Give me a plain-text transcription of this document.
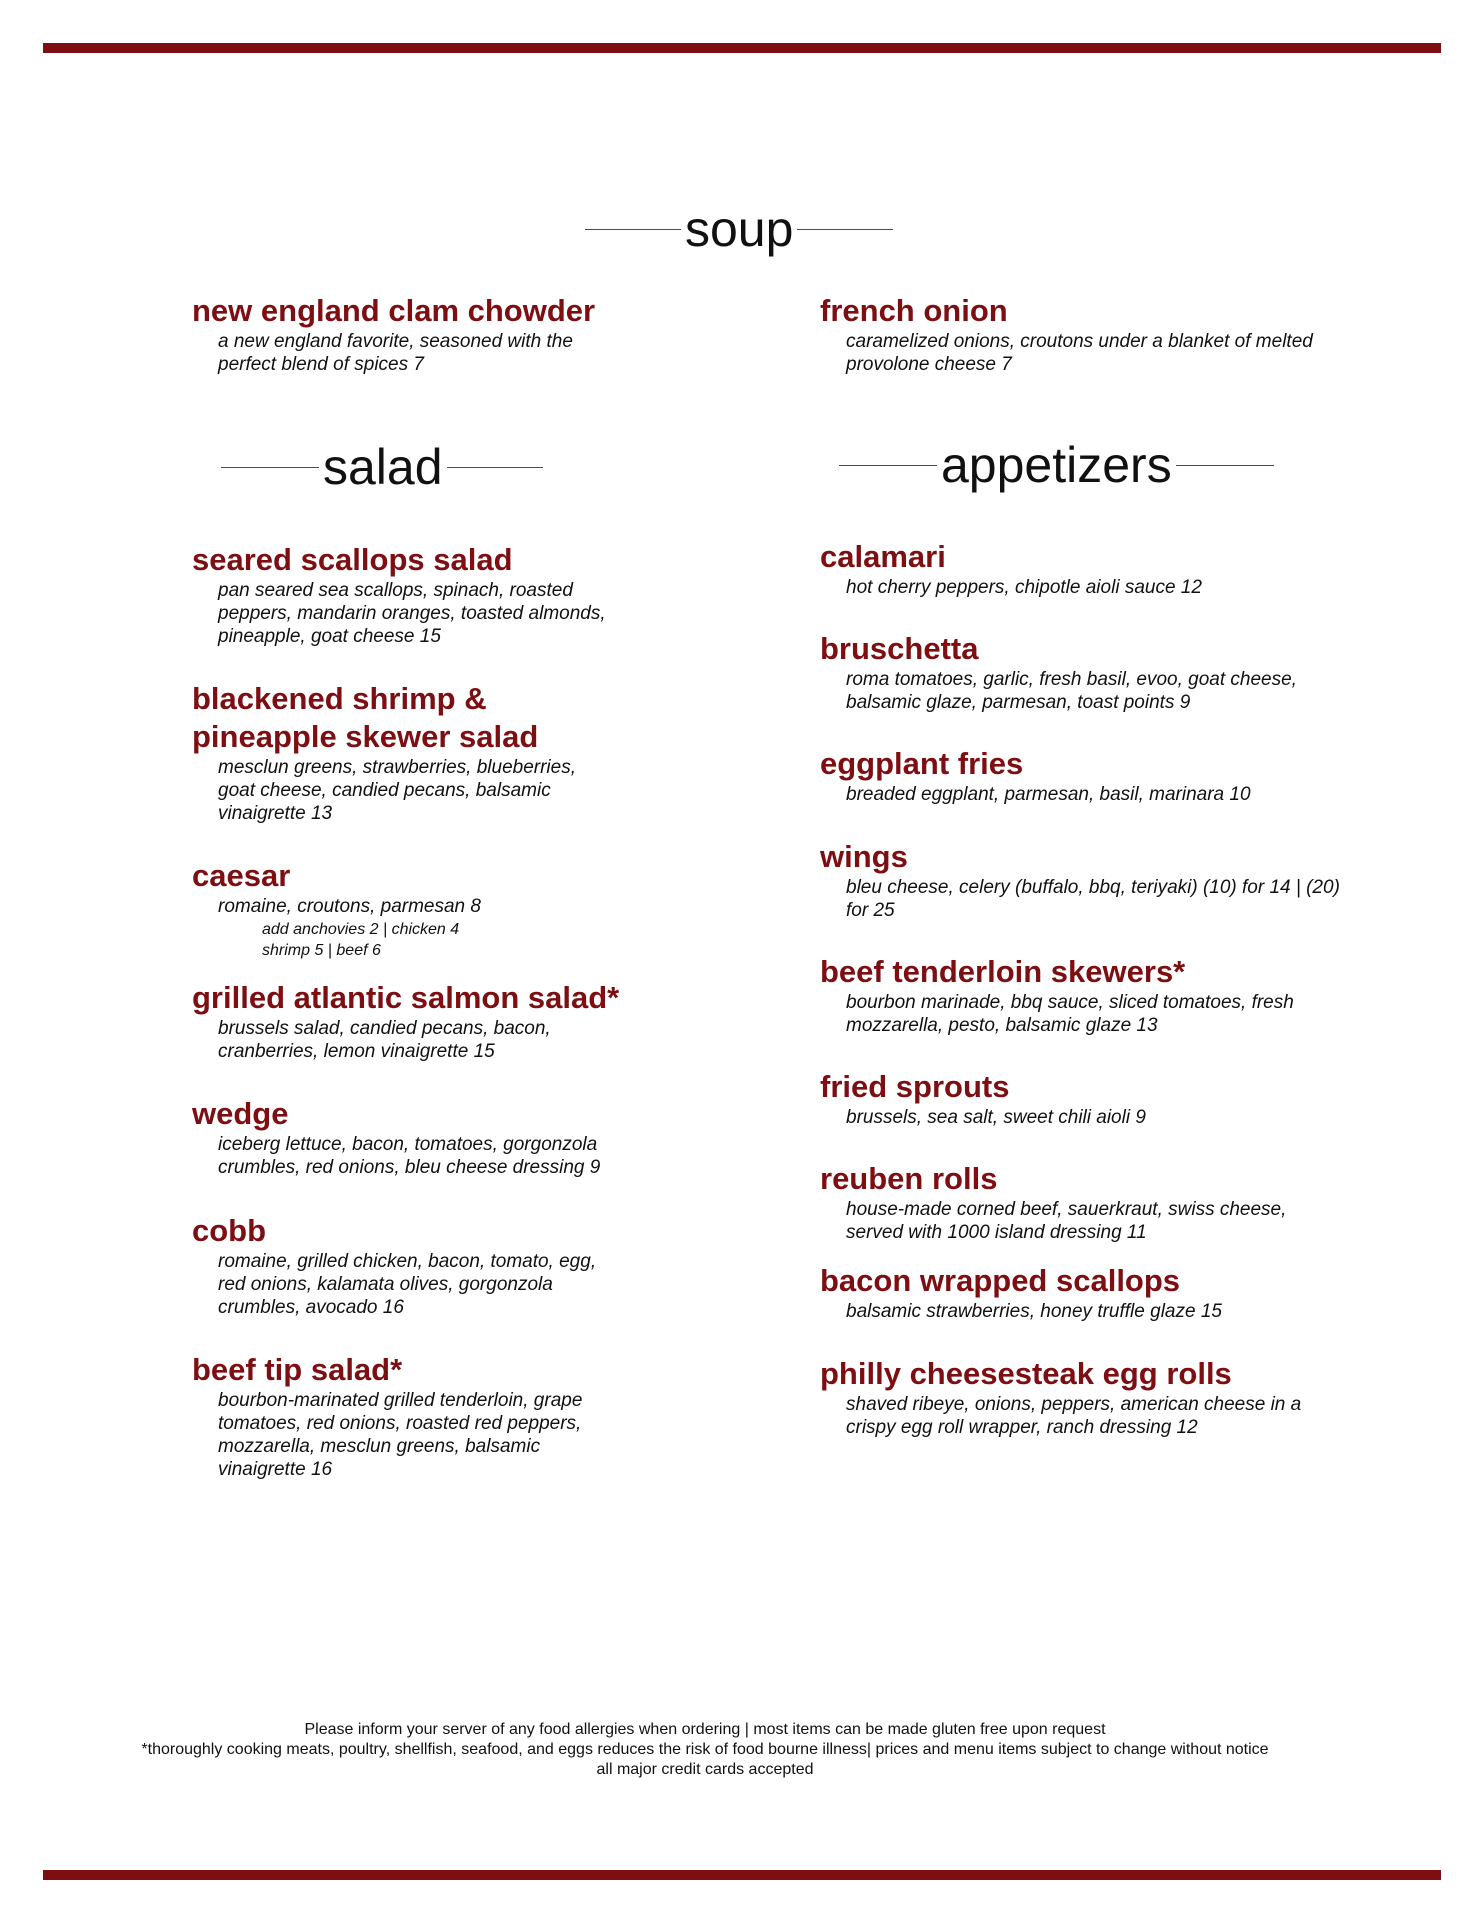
soup
new england clam chowder
a new england favorite, seasoned with the perfect blend of spices 7
french onion
caramelized onions, croutons under a blanket of melted provolone cheese 7
salad	appetizers
seared scallops salad
pan seared sea scallops, spinach, roasted peppers, mandarin oranges, toasted almonds, pineapple, goat cheese 15
blackened shrimp &
pineapple skewer salad
mesclun greens, strawberries, blueberries, goat cheese, candied pecans, balsamic vinaigrette 13
caesar
romaine, croutons, parmesan 8
add anchovies 2 | chicken 4
shrimp 5 | beef 6
grilled atlantic salmon salad*
brussels salad, candied pecans, bacon, cranberries, lemon vinaigrette 15
wedge
iceberg lettuce, bacon, tomatoes, gorgonzola crumbles, red onions, bleu cheese dressing 9
cobb
romaine, grilled chicken, bacon, tomato, egg, red onions, kalamata olives, gorgonzola crumbles, avocado 16
beef tip salad*
bourbon-marinated grilled tenderloin, grape tomatoes, red onions, roasted red peppers, mozzarella, mesclun greens, balsamic vinaigrette 16
calamari
hot cherry peppers, chipotle aioli sauce 12
bruschetta
roma tomatoes, garlic, fresh basil, evoo, goat cheese, balsamic glaze, parmesan, toast points 9
eggplant fries
breaded eggplant, parmesan, basil, marinara 10
wings
bleu cheese, celery (buffalo, bbq, teriyaki) (10) for 14 | (20) for 25
beef tenderloin skewers*
bourbon marinade, bbq sauce, sliced tomatoes, fresh mozzarella, pesto, balsamic glaze 13
fried sprouts
brussels, sea salt, sweet chili aioli 9
reuben rolls
house-made corned beef, sauerkraut, swiss cheese, served with 1000 island dressing 11
bacon wrapped scallops
balsamic strawberries, honey truffle glaze 15
philly cheesesteak egg rolls
shaved ribeye, onions, peppers, american cheese in a crispy egg roll wrapper, ranch dressing 12
Please inform your server of any food allergies when ordering | most items can be made gluten free upon request
*thoroughly cooking meats, poultry, shellfish, seafood, and eggs reduces the risk of food bourne illness| prices and menu items subject to change without notice
all major credit cards accepted
